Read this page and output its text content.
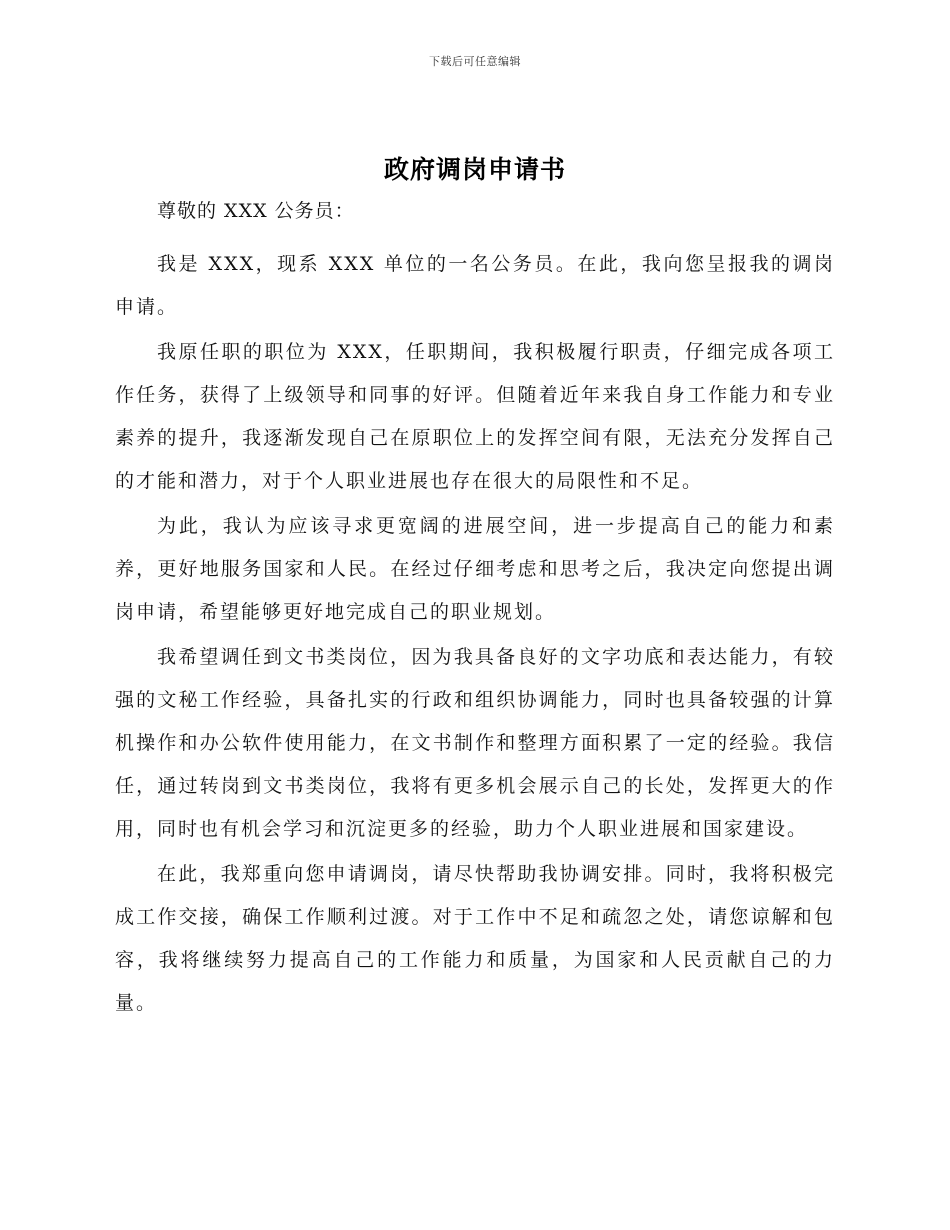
下载后可任意编辑
政府调岗申请书
尊敬的 XXX 公务员：

我是 XXX，现系 XXX 单位的一名公务员。在此，我向您呈报我的调岗申请。

我原任职的职位为 XXX，任职期间，我积极履行职责，仔细完成各项工作任务，获得了上级领导和同事的好评。但随着近年来我自身工作能力和专业素养的提升，我逐渐发现自己在原职位上的发挥空间有限，无法充分发挥自己的才能和潜力，对于个人职业进展也存在很大的局限性和不足。

为此，我认为应该寻求更宽阔的进展空间，进一步提高自己的能力和素养，更好地服务国家和人民。在经过仔细考虑和思考之后，我决定向您提出调岗申请，希望能够更好地完成自己的职业规划。

我希望调任到文书类岗位，因为我具备良好的文字功底和表达能力，有较强的文秘工作经验，具备扎实的行政和组织协调能力，同时也具备较强的计算机操作和办公软件使用能力，在文书制作和整理方面积累了一定的经验。我信任，通过转岗到文书类岗位，我将有更多机会展示自己的长处，发挥更大的作用，同时也有机会学习和沉淀更多的经验，助力个人职业进展和国家建设。

在此，我郑重向您申请调岗，请尽快帮助我协调安排。同时，我将积极完成工作交接，确保工作顺利过渡。对于工作中不足和疏忽之处，请您谅解和包容，我将继续努力提高自己的工作能力和质量，为国家和人民贡献自己的力量。
